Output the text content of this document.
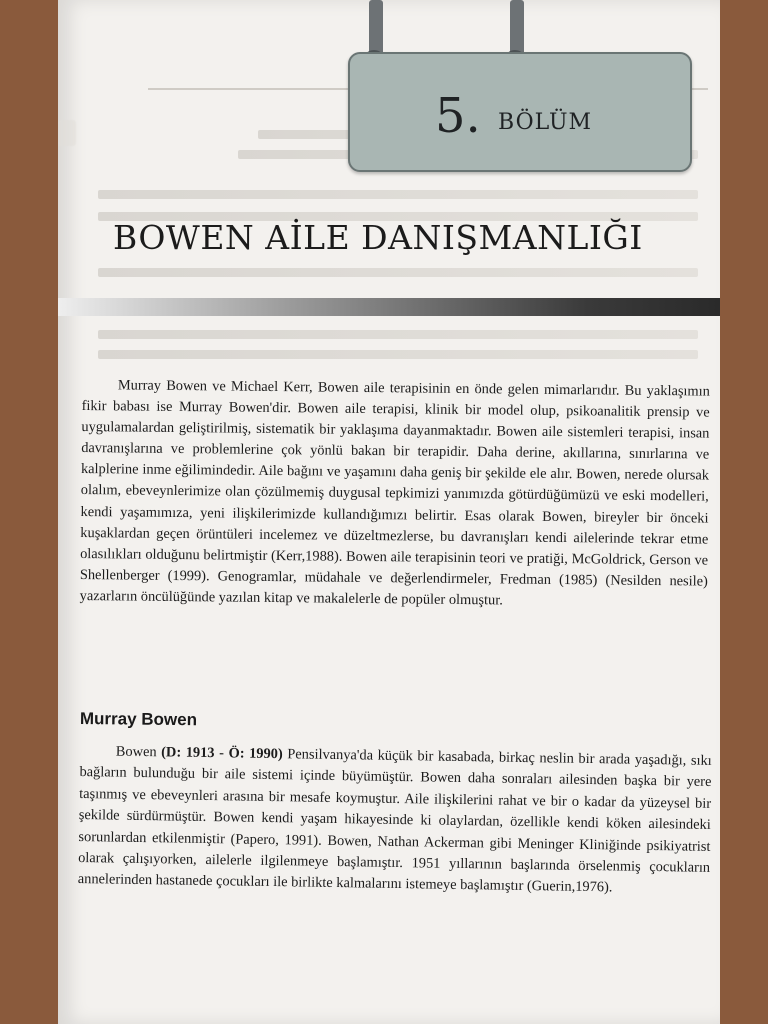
5. BÖLÜM
BOWEN AİLE DANIŞMANLIĞI

Murray Bowen ve Michael Kerr, Bowen aile terapisinin en önde gelen mimarlarıdır. Bu yaklaşımın fikir babası ise Murray Bowen'dir. Bowen aile terapisi, klinik bir model olup, psikoanalitik prensip ve uygulamalardan geliştirilmiş, sistematik bir yaklaşıma dayanmaktadır. Bowen aile sistemleri terapisi, insan davranışlarına ve problemlerine çok yönlü bakan bir terapidir. Daha derine, akıllarına, sınırlarına ve kalplerine inme eğilimindedir. Aile bağını ve yaşamını daha geniş bir şekilde ele alır. Bowen, nerede olursak olalım, ebeveynlerimize olan çözülmemiş duygusal tepkimizi yanımızda götürdüğümüzü ve eski modelleri, kendi yaşamımıza, yeni ilişkilerimizde kullandığımızı belirtir. Esas olarak Bowen, bireyler bir önceki kuşaklardan geçen örüntüleri incelemez ve düzeltmezlerse, bu davranışları kendi ailelerinde tekrar etme olasılıkları olduğunu belirtmiştir (Kerr,1988). Bowen aile terapisinin teori ve pratiği, McGoldrick, Gerson ve Shellenberger (1999). Genogramlar, müdahale ve değerlendirmeler, Fredman (1985) (Nesilden nesile) yazarların öncülüğünde yazılan kitap ve makalelerle de popüler olmuştur.

Murray Bowen

Bowen (D: 1913 - Ö: 1990) Pensilvanya'da küçük bir kasabada, birkaç neslin bir arada yaşadığı, sıkı bağların bulunduğu bir aile sistemi içinde büyümüştür. Bowen daha sonraları ailesinden başka bir yere taşınmış ve ebeveynleri arasına bir mesafe koymuştur. Aile ilişkilerini rahat ve bir o kadar da yüzeysel bir şekilde sürdürmüştür. Bowen kendi yaşam hikayesinde ki olaylardan, özellikle kendi köken ailesindeki sorunlardan etkilenmiştir (Papero, 1991). Bowen, Nathan Ackerman gibi Meninger Kliniğinde psikiyatrist olarak çalışıyorken, ailelerle ilgilenmeye başlamıştır. 1951 yıllarının başlarında örselenmiş çocukların annelerinden hastanede çocukları ile birlikte kalmalarını istemeye başlamıştır (Guerin,1976).
